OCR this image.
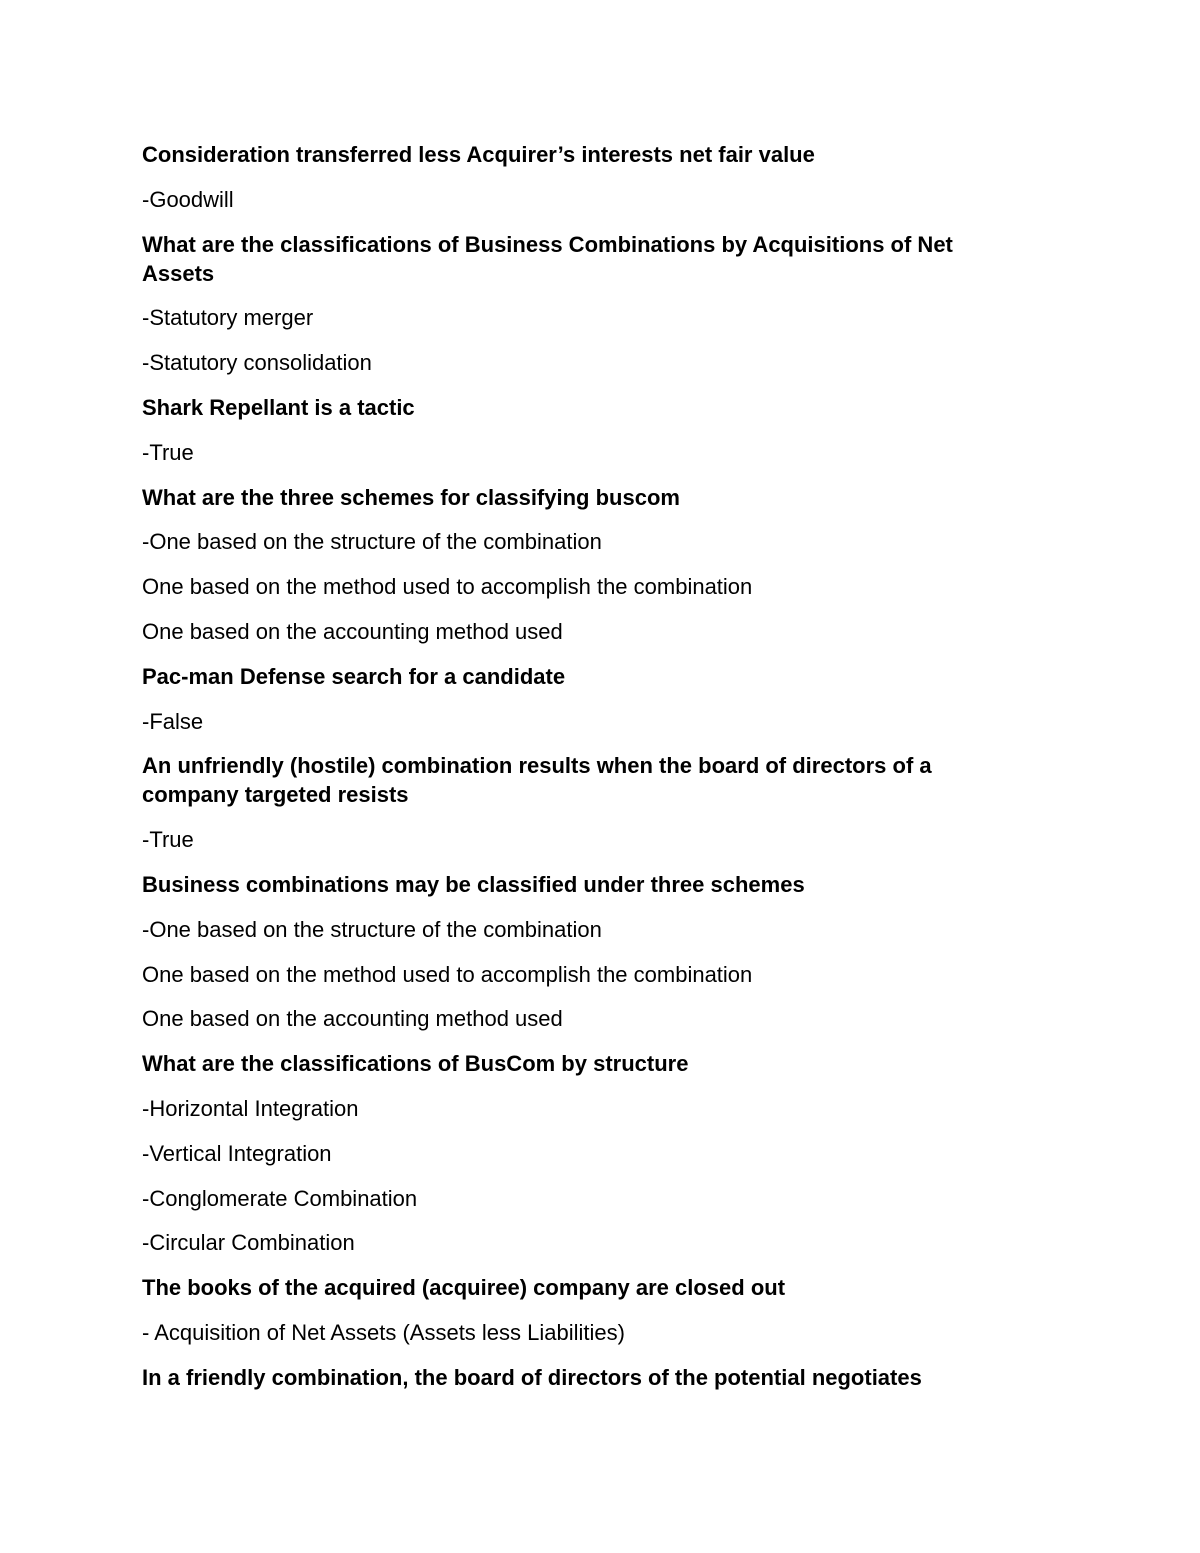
Consideration transferred less Acquirer’s interests net fair value
-Goodwill
What are the classifications of Business Combinations by Acquisitions of Net Assets
-Statutory merger
-Statutory consolidation
Shark Repellant is a tactic
-True
What are the three schemes for classifying buscom
-One based on the structure of the combination
One based on the method used to accomplish the combination
One based on the accounting method used
Pac-man Defense search for a candidate
-False
An unfriendly (hostile) combination results when the board of directors of a company targeted resists
-True
Business combinations may be classified under three schemes
-One based on the structure of the combination
One based on the method used to accomplish the combination
One based on the accounting method used
What are the classifications of BusCom by structure
-Horizontal Integration
-Vertical Integration
-Conglomerate Combination
-Circular Combination
The books of the acquired (acquiree) company are closed out
- Acquisition of Net Assets (Assets less Liabilities)
In a friendly combination, the board of directors of the potential negotiates
